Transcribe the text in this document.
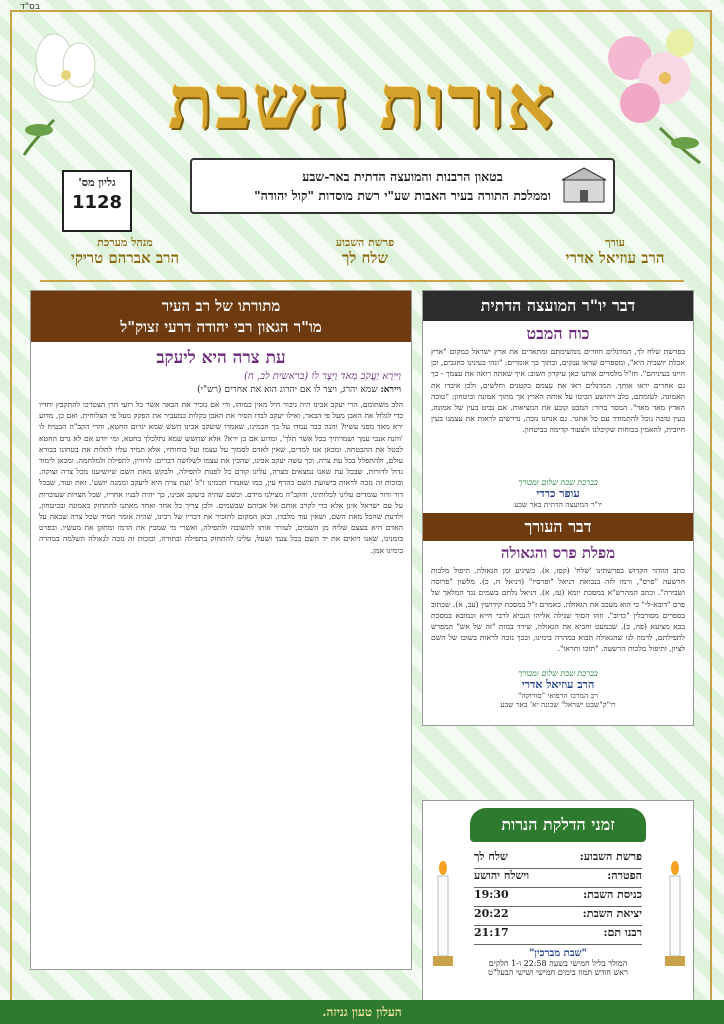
בס"ד
אורות השבת
גליון מס'
1128
בטאון הרבנות והמועצה הדתית באר-שבע
וממלכת התורה בעיר האבות שע"י רשת מוסדות "קול יהודה"
עורך
הרב עוזיאל אדרי
פרשת השבוע
שלח לך
מנהל מערכת
הרב אברהם טריקי
דבר יו"ר המועצה הדתית
כוח המבט
בפרשת שלח לך, המרגלים חוזרים ממשימתם ומתארים את ארץ ישראל כמקום "ארץ אכלת יושביה היא", ומספרים שראו ענקים, ובתוך כך אומרים: "ונהי בעינינו כחגבים, וכן היינו בעיניהם". חז"ל מלמדים אותנו כאן עיקרון חשוב: איך שאתה רואה את עצמך - כך גם אחרים יראו אותך. המרגלים ראו את עצמם כקטנים וחלשים, ולכן איבדו את האמונה. לעומתם, כלב ויהושע הביטו על אותה הארץ אך מתוך אמונה וביטחון: "טובה הארץ מאד מאד". המסר ברור: המבט קובע את המציאות. אם נביט בעין של אמונה, בעין טובה נוכל להתמודד עם כל אתגר. גם אנחנו נזכה, נדרשים לראות את עצמנו בעין חיובית, להאמין בכוחות שקיבלנו ולצעוד קדימה בביטחון.
בברכת שבת שלום ומבורך
עופר כרדי
יו"ר המועצה הדתית באר שבע
דבר העורך
מפלת פרס והגאולה
כתב הזוהר הקדוש בפרשתינו 'שלח' (קסז, א). כשיגיע זמן הגאולה, תיפול מלכות הרשעה "פרס", ורמז לזה בנבואת דניאל "ופרסיו" (דניאל ח, כ). מלשון "פרוסה ושבירה". וכתב המהרש"א במסכת יומא (עז, א). דניאל נלחם בשמים נגד המלאך של פרס "דובא-לי" כי הוא מעכב את הגאולה. כאמרם ז"ל במסכת קידושין (עב, א). שכתוב בספרים מסורבלין "כדוב". וזהו הסוד שגילה אליהו הנביא לרבי חייא וכמובא במסכת בבא מציעא (פה, ב). שכמעט וחביא את הגאולה, שירד במות "זה של אש" המפרש לתפילתם, לרמוז לנו שהגאולה תבוא במהרה בימינו, ובכך נזכה לראות בשובו של השם לציון, ותיפול מלכות הרשעה. "תזכו ותראו".
בברכת שבת שלום ומבורך
הרב עוזיאל אדרי
רב המרכז הרפואי "סורוקה"
רו"ק"שבט ישראל" שכונה יא' באר שבע
מתורתו של רב העיר
מו"ר הגאון רבי יהודה דרעי זצוק"ל
עת צרה היא ליעקב
וַיִּירָא יַעֲקֹב מְאֹד וַיֵּצֶר לוֹ (בראשית לב, ח)
ויירא: שמא יהרג, ויצר לו אם יהרוג הוא את אחרים (רש"י)
הלב משתומם, הרי יעקב אבינו היה גיבור חיל מאין כמוהו, ודי אם נזכיר את הבאר אשר כל רועי חרן הצטרכו להתקבץ יחדיו כדי לגלול את האבן מעל פי הבאר, ואילו יעקב לבדו הסיר את האבן בקלות כמעביר את הפקק מעל פי הצלוחית. ואם כן, מדוע ירא מאד מפני עשיו? והנה כבר עמדו על כך חכמינו, שאמרו שיעקב אבינו חשש שמא יגרום החטא, והרי הקב"ה הבטיח לו 'והנה אנכי עמך ושמרתיך בכל אשר תלך', ומדוע אם כן ירא? אלא שחשש שמא נתלכלך בחטא, ומי יודע אם לא גרם החטא לבטל את ההבטחה. ומכאן אנו למדים, שאין לאדם לסמוך על עצמו ועל כוחותיו, אלא תמיד עליו לתלות את בטחונו בבורא עולם, ולהתפלל בכל עת צרה. וכך עשה יעקב אבינו, שהכין את עצמו לשלושה דברים: לדורון, לתפילה ולמלחמה. ומכאן לימוד גדול לדורות, שבכל עת שאנו נמצאים בצרה, עלינו קודם כל לפנות לתפילה, ולבקש מאת השם שיושיענו מכל צרה וצוקה. ובזכות זה נזכה לראות בישועת השם כהרף עין, כמו שאמרו חכמינו ז"ל 'ועת צרה היא ליעקב וממנה יושע'. זאת ועוד, שבכל דור ודור עומדים עלינו לכלותינו, והקב"ה מצילנו מידם. וכשם שהיה ביעקב אבינו, כך יהיה לבניו אחריו, שכל הצרות שעוברות על עם ישראל אינן אלא כדי לקרב אותם אל אביהם שבשמים. ולכן צריך כל אחד ואחד מאתנו להתחזק באמונה ובביטחון, ולדעת שהכל מאת השם, ושאין עוד מלבדו. וכאן המקום להזכיר את דבריו של רבינו, שהיה אומר תמיד שכל צרה שבאה על האדם היא בעצם שליח מן השמים, לעורר אותו לתשובה ולתפילה, ואשרי מי שמבין את הרמז ומתקן את מעשיו. ובפרט בזמנינו, שאנו רואים את יד השם בכל צעד ושעל, עלינו להתחזק בתפילה ובתורה, ובזכות זה נזכה לגאולה השלמה במהרה בימינו אמן.
זמני הדלקת הנרות
פרשת השבוע:
שלח לך
הפטרה:
וישלח יהושע
כניסת השבת:
19:30
יציאת השבת:
20:22
רבנו תם:
21:17
"שבת מברכין"
המולד בליל חמישי בשעה 22:58 ו-1 חלקים
ראש חודש תמוז בימים חמישי ושישי הבעל"ט
העלון טעון גניזה.
